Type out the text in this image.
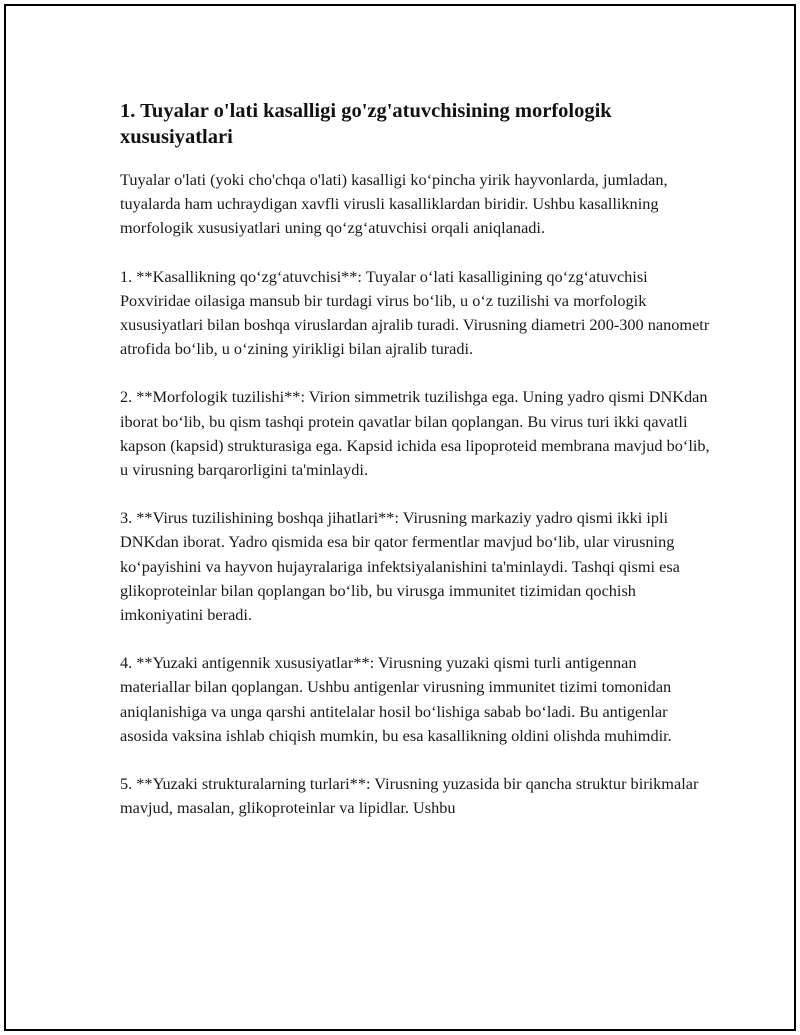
1. Tuyalar o'lati kasalligi go'zg'atuvchisining morfologik xususiyatlari

Tuyalar o'lati (yoki cho'chqa o'lati) kasalligi ko‘pincha yirik hayvonlarda, jumladan, tuyalarda ham uchraydigan xavfli virusli kasalliklardan biridir. Ushbu kasallikning morfologik xususiyatlari uning qo‘zg‘atuvchisi orqali aniqlanadi.

1. **Kasallikning qo‘zg‘atuvchisi**: Tuyalar o‘lati kasalligining qo‘zg‘atuvchisi Poxviridae oilasiga mansub bir turdagi virus bo‘lib, u o‘z tuzilishi va morfologik xususiyatlari bilan boshqa viruslardan ajralib turadi. Virusning diametri 200-300 nanometr atrofida bo‘lib, u o‘zining yirikligi bilan ajralib turadi.

2. **Morfologik tuzilishi**: Virion simmetrik tuzilishga ega. Uning yadro qismi DNKdan iborat bo‘lib, bu qism tashqi protein qavatlar bilan qoplangan. Bu virus turi ikki qavatli kapson (kapsid) strukturasiga ega. Kapsid ichida esa lipoproteid membrana mavjud bo‘lib, u virusning barqarorligini ta'minlaydi.

3. **Virus tuzilishining boshqa jihatlari**: Virusning markaziy yadro qismi ikki ipli DNKdan iborat. Yadro qismida esa bir qator fermentlar mavjud bo‘lib, ular virusning ko‘payishini va hayvon hujayralariga infektsiyalanishini ta'minlaydi. Tashqi qismi esa glikoproteinlar bilan qoplangan bo‘lib, bu virusga immunitet tizimidan qochish imkoniyatini beradi.

4. **Yuzaki antigennik xususiyatlar**: Virusning yuzaki qismi turli antigennan materiallar bilan qoplangan. Ushbu antigenlar virusning immunitet tizimi tomonidan aniqlanishiga va unga qarshi antitelalar hosil bo‘lishiga sabab bo‘ladi. Bu antigenlar asosida vaksina ishlab chiqish mumkin, bu esa kasallikning oldini olishda muhimdir.

5. **Yuzaki strukturalarning turlari**: Virusning yuzasida bir qancha struktur birikmalar mavjud, masalan, glikoproteinlar va lipidlar. Ushbu
